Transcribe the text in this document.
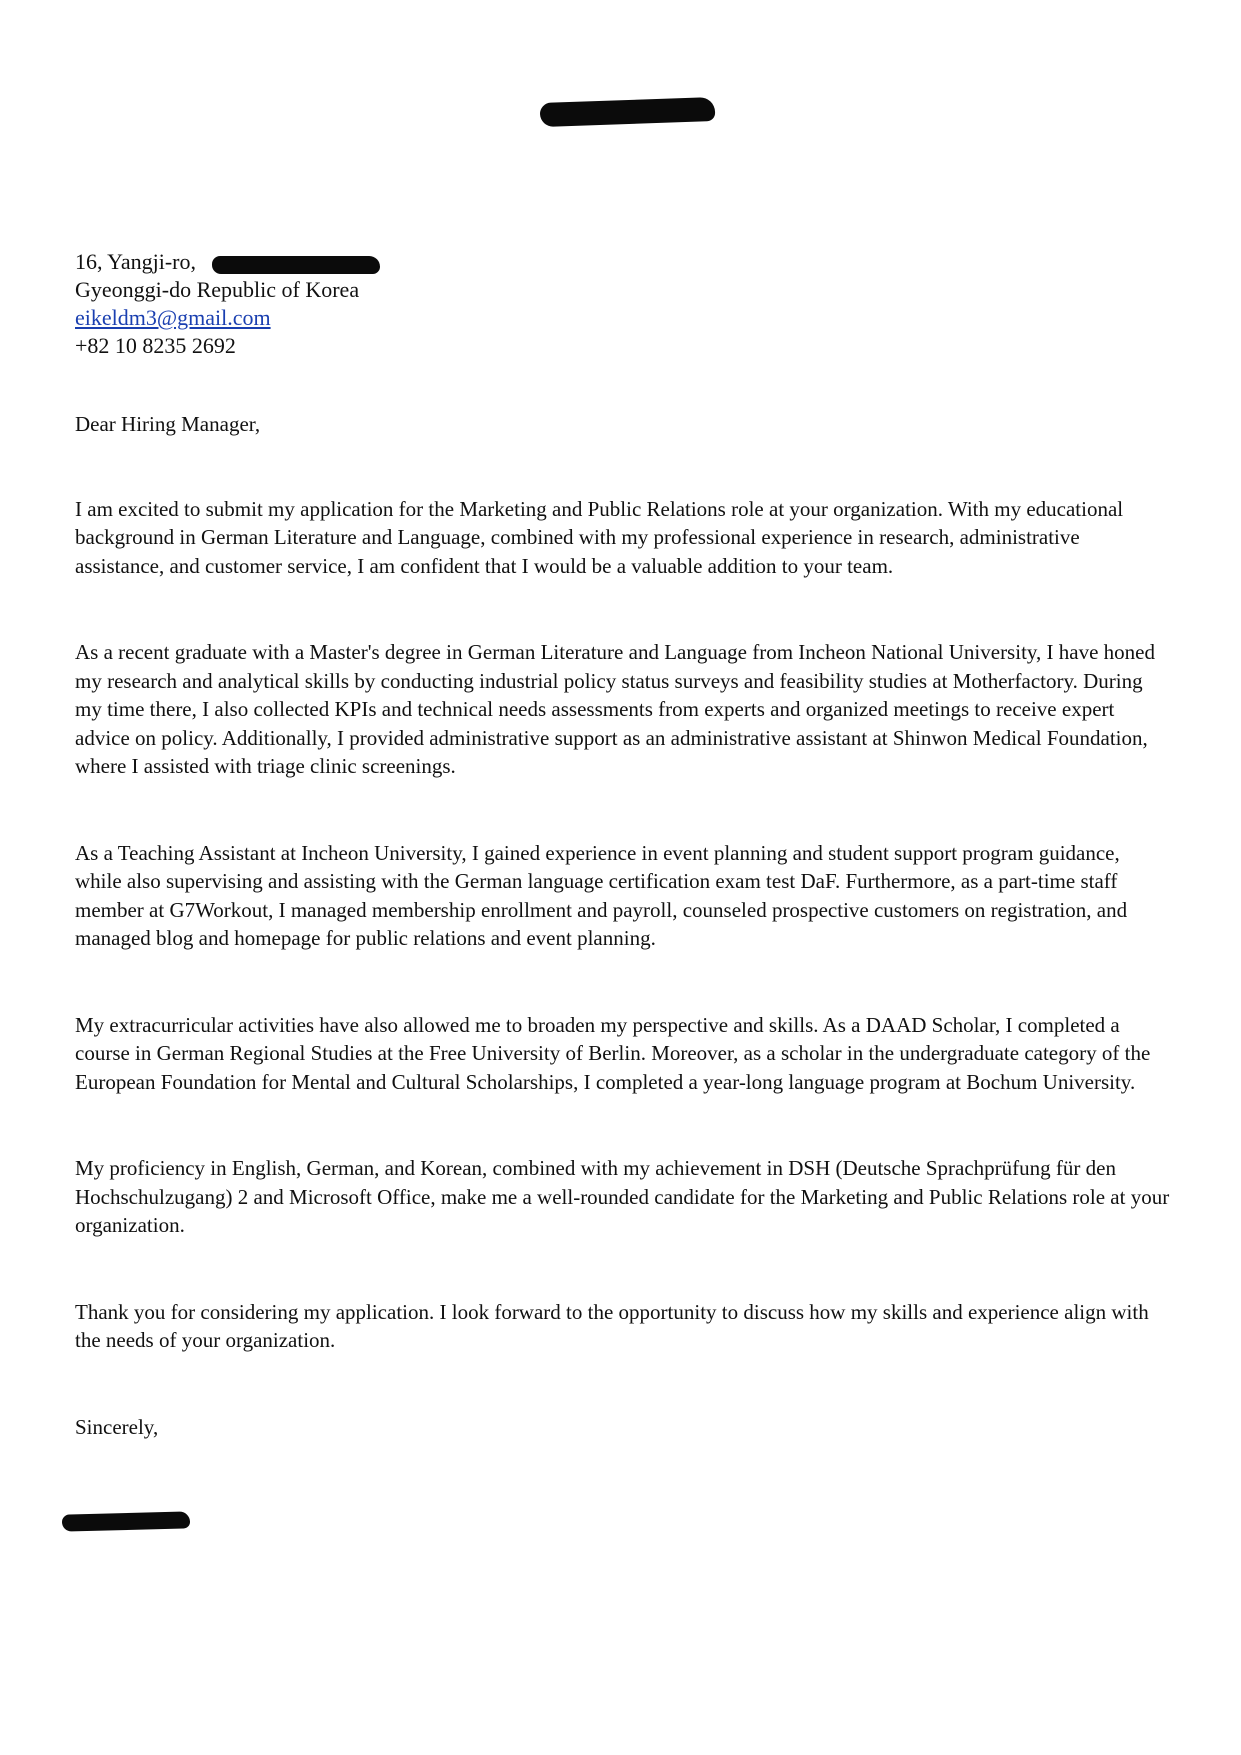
16, Yangji-ro,
Gyeonggi-do Republic of Korea
eikeldm3@gmail.com
+82 10 8235 2692

Dear Hiring Manager,

I am excited to submit my application for the Marketing and Public Relations role at your organization. With my educational background in German Literature and Language, combined with my professional experience in research, administrative assistance, and customer service, I am confident that I would be a valuable addition to your team.

As a recent graduate with a Master's degree in German Literature and Language from Incheon National University, I have honed my research and analytical skills by conducting industrial policy status surveys and feasibility studies at Motherfactory. During my time there, I also collected KPIs and technical needs assessments from experts and organized meetings to receive expert advice on policy. Additionally, I provided administrative support as an administrative assistant at Shinwon Medical Foundation, where I assisted with triage clinic screenings.

As a Teaching Assistant at Incheon University, I gained experience in event planning and student support program guidance, while also supervising and assisting with the German language certification exam test DaF. Furthermore, as a part-time staff member at G7Workout, I managed membership enrollment and payroll, counseled prospective customers on registration, and managed blog and homepage for public relations and event planning.

My extracurricular activities have also allowed me to broaden my perspective and skills. As a DAAD Scholar, I completed a course in German Regional Studies at the Free University of Berlin. Moreover, as a scholar in the undergraduate category of the European Foundation for Mental and Cultural Scholarships, I completed a year-long language program at Bochum University.

My proficiency in English, German, and Korean, combined with my achievement in DSH (Deutsche Sprachprüfung für den Hochschulzugang) 2 and Microsoft Office, make me a well-rounded candidate for the Marketing and Public Relations role at your organization.

Thank you for considering my application. I look forward to the opportunity to discuss how my skills and experience align with the needs of your organization.

Sincerely,
